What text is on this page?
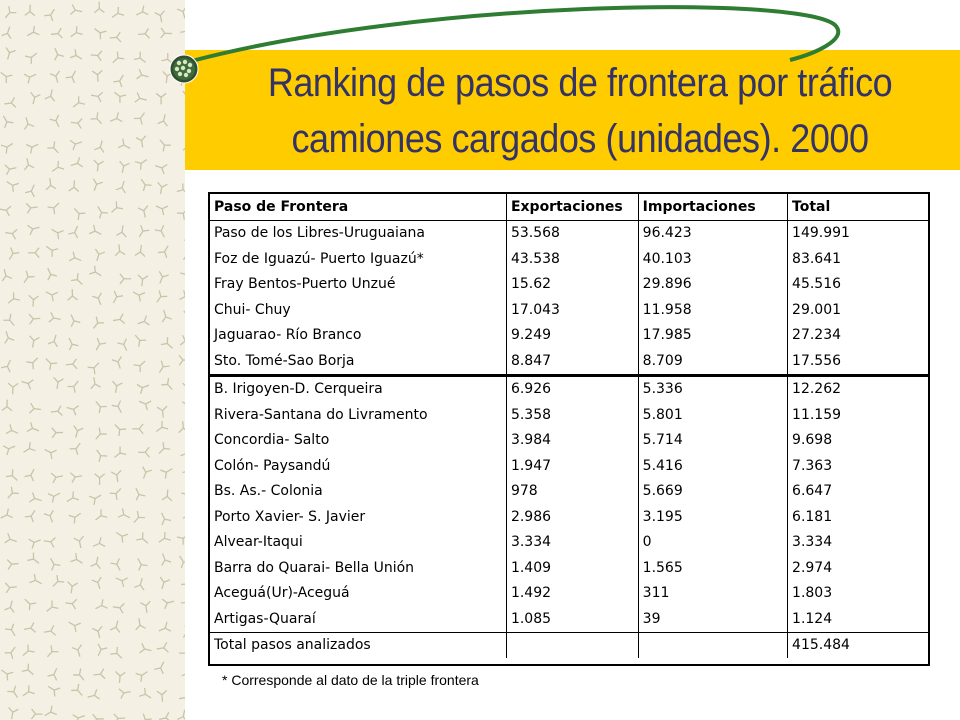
Ranking de pasos de frontera por tráfico
camiones cargados (unidades). 2000
Paso de Frontera	Exportaciones	Importaciones	Total
Paso de los Libres-Uruguaiana	53.568	96.423	149.991
Foz de Iguazú- Puerto Iguazú*	43.538	40.103	83.641
Fray Bentos-Puerto Unzué	15.62	29.896	45.516
Chui- Chuy	17.043	11.958	29.001
Jaguarao- Río Branco	9.249	17.985	27.234
Sto. Tomé-Sao Borja	8.847	8.709	17.556
B. Irigoyen-D. Cerqueira	6.926	5.336	12.262
Rivera-Santana do Livramento	5.358	5.801	11.159
Concordia- Salto	3.984	5.714	9.698
Colón- Paysandú	1.947	5.416	7.363
Bs. As.- Colonia	978	5.669	6.647
Porto Xavier- S. Javier	2.986	3.195	6.181
Alvear-Itaqui	3.334	0	3.334
Barra do Quarai- Bella Unión	1.409	1.565	2.974
Aceguá(Ur)-Aceguá	1.492	311	1.803
Artigas-Quaraí	1.085	39	1.124
Total pasos analizados			415.484
* Corresponde al dato de la triple frontera
